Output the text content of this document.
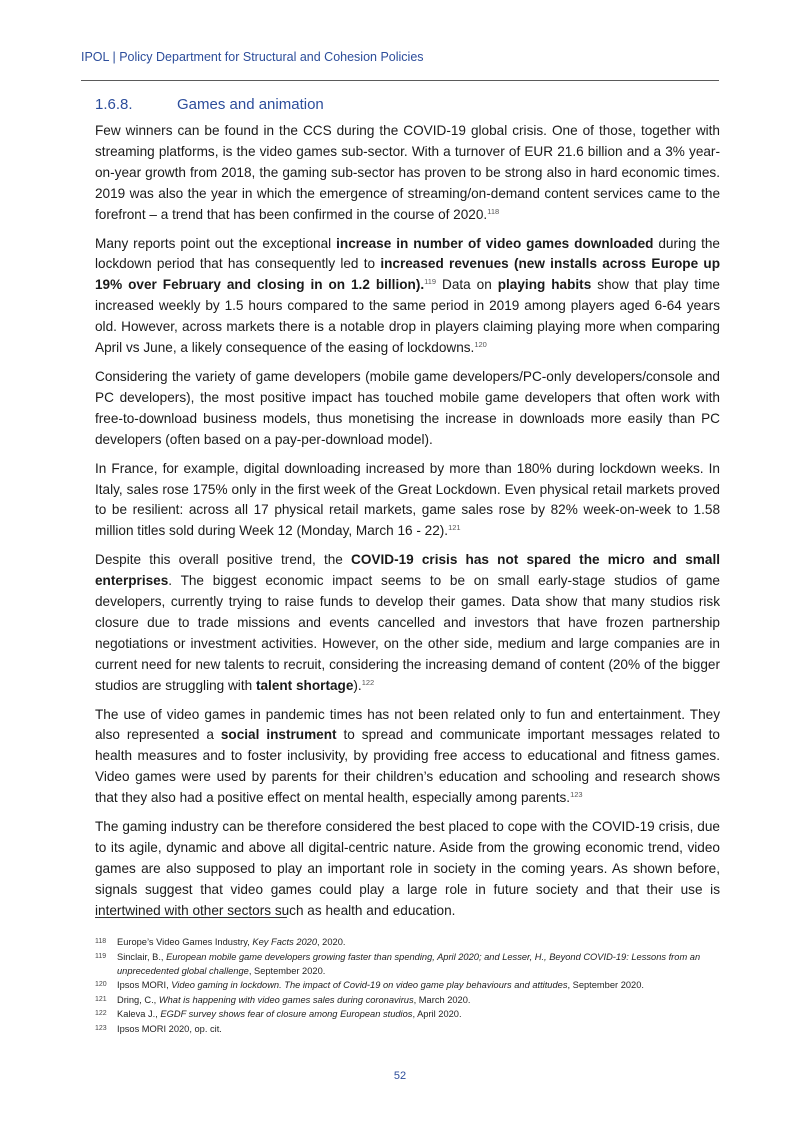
IPOL | Policy Department for Structural and Cohesion Policies
1.6.8.	Games and animation

Few winners can be found in the CCS during the COVID-19 global crisis. One of those, together with streaming platforms, is the video games sub-sector. With a turnover of EUR 21.6 billion and a 3% year-on-year growth from 2018, the gaming sub-sector has proven to be strong also in hard economic times. 2019 was also the year in which the emergence of streaming/on-demand content services came to the forefront – a trend that has been confirmed in the course of 2020.$^{118}$

Many reports point out the exceptional increase in number of video games downloaded during the lockdown period that has consequently led to increased revenues (new installs across Europe up 19% over February and closing in on 1.2 billion).$^{119}$ Data on playing habits show that play time increased weekly by 1.5 hours compared to the same period in 2019 among players aged 6-64 years old. However, across markets there is a notable drop in players claiming playing more when comparing April vs June, a likely consequence of the easing of lockdowns.$^{120}$

Considering the variety of game developers (mobile game developers/PC-only developers/console and PC developers), the most positive impact has touched mobile game developers that often work with free-to-download business models, thus monetising the increase in downloads more easily than PC developers (often based on a pay-per-download model).

In France, for example, digital downloading increased by more than 180% during lockdown weeks. In Italy, sales rose 175% only in the first week of the Great Lockdown. Even physical retail markets proved to be resilient: across all 17 physical retail markets, game sales rose by 82% week-on-week to 1.58 million titles sold during Week 12 (Monday, March 16 - 22).$^{121}$

Despite this overall positive trend, the COVID-19 crisis has not spared the micro and small enterprises. The biggest economic impact seems to be on small early-stage studios of game developers, currently trying to raise funds to develop their games. Data show that many studios risk closure due to trade missions and events cancelled and investors that have frozen partnership negotiations or investment activities. However, on the other side, medium and large companies are in current need for new talents to recruit, considering the increasing demand of content (20% of the bigger studios are struggling with talent shortage).$^{122}$

The use of video games in pandemic times has not been related only to fun and entertainment. They also represented a social instrument to spread and communicate important messages related to health measures and to foster inclusivity, by providing free access to educational and fitness games. Video games were used by parents for their children’s education and schooling and research shows that they also had a positive effect on mental health, especially among parents.$^{123}$

The gaming industry can be therefore considered the best placed to cope with the COVID-19 crisis, due to its agile, dynamic and above all digital-centric nature. Aside from the growing economic trend, video games are also supposed to play an important role in society in the coming years. As shown before, signals suggest that video games could play a large role in future society and that their use is intertwined with other sectors such as health and education.

118 Europe’s Video Games Industry, Key Facts 2020, 2020.
119 Sinclair, B., European mobile game developers growing faster than spending, April 2020; and Lesser, H., Beyond COVID-19: Lessons from an unprecedented global challenge, September 2020.
120 Ipsos MORI, Video gaming in lockdown. The impact of Covid-19 on video game play behaviours and attitudes, September 2020.
121 Dring, C., What is happening with video games sales during coronavirus, March 2020.
122 Kaleva J., EGDF survey shows fear of closure among European studios, April 2020.
123 Ipsos MORI 2020, op. cit.
52
